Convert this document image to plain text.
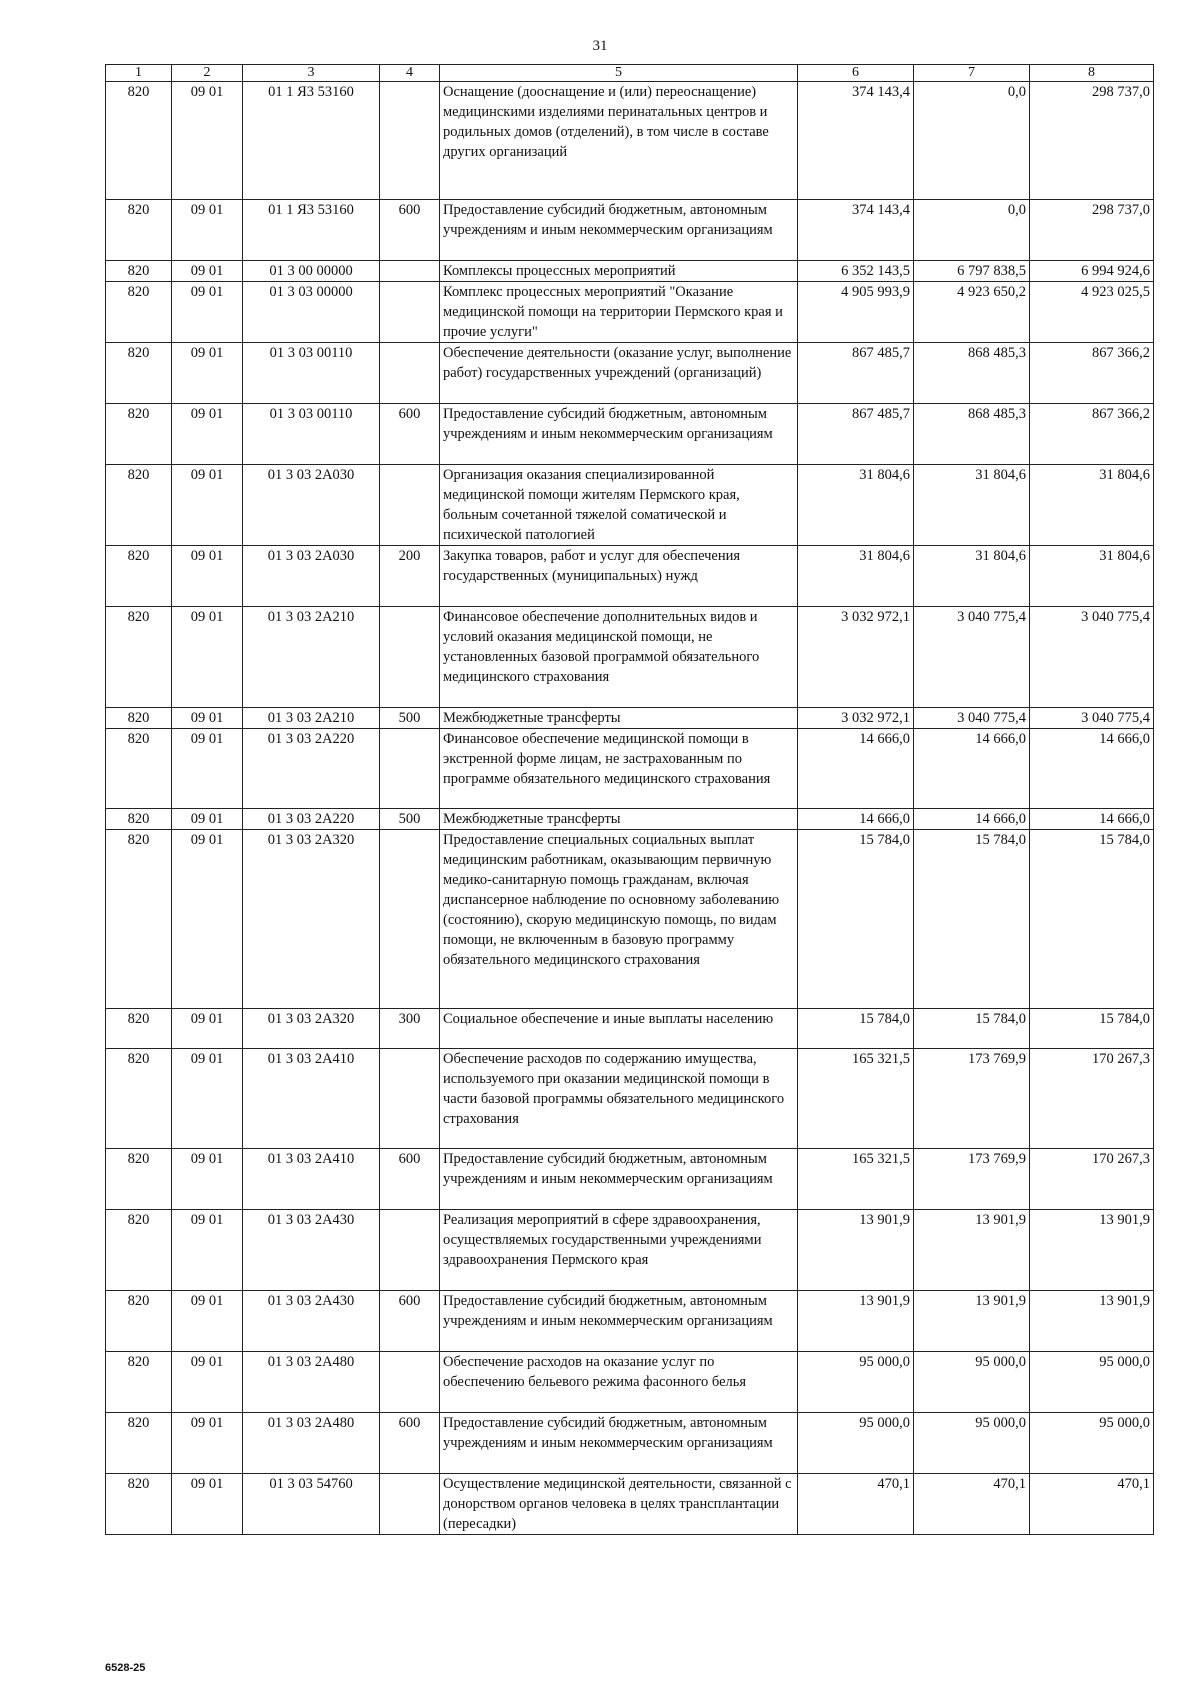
31
1	2	3	4	5	6	7	8
820	09 01	01 1 Я3 53160		Оснащение (дооснащение и (или) переоснащение) медицинскими изделиями перинатальных центров и родильных домов (отделений), в том числе в составе других организаций	374 143,4	0,0	298 737,0
820	09 01	01 1 Я3 53160	600	Предоставление субсидий бюджетным, автономным учреждениям и иным некоммерческим организациям	374 143,4	0,0	298 737,0
820	09 01	01 3 00 00000		Комплексы процессных мероприятий	6 352 143,5	6 797 838,5	6 994 924,6
820	09 01	01 3 03 00000		Комплекс процессных мероприятий "Оказание медицинской помощи на территории Пермского края и прочие услуги"	4 905 993,9	4 923 650,2	4 923 025,5
820	09 01	01 3 03 00110		Обеспечение деятельности (оказание услуг, выполнение работ) государственных учреждений (организаций)	867 485,7	868 485,3	867 366,2
820	09 01	01 3 03 00110	600	Предоставление субсидий бюджетным, автономным учреждениям и иным некоммерческим организациям	867 485,7	868 485,3	867 366,2
820	09 01	01 3 03 2А030		Организация оказания специализированной медицинской помощи жителям Пермского края, больным сочетанной тяжелой соматической и психической патологией	31 804,6	31 804,6	31 804,6
820	09 01	01 3 03 2А030	200	Закупка товаров, работ и услуг для обеспечения государственных (муниципальных) нужд	31 804,6	31 804,6	31 804,6
820	09 01	01 3 03 2А210		Финансовое обеспечение дополнительных видов и условий оказания медицинской помощи, не установленных базовой программой обязательного медицинского страхования	3 032 972,1	3 040 775,4	3 040 775,4
820	09 01	01 3 03 2А210	500	Межбюджетные трансферты	3 032 972,1	3 040 775,4	3 040 775,4
820	09 01	01 3 03 2А220		Финансовое обеспечение медицинской помощи в экстренной форме лицам, не застрахованным по программе обязательного медицинского страхования	14 666,0	14 666,0	14 666,0
820	09 01	01 3 03 2А220	500	Межбюджетные трансферты	14 666,0	14 666,0	14 666,0
820	09 01	01 3 03 2А320		Предоставление специальных социальных выплат медицинским работникам, оказывающим первичную медико-санитарную помощь гражданам, включая диспансерное наблюдение по основному заболеванию (состоянию), скорую медицинскую помощь, по видам помощи, не включенным в базовую программу обязательного медицинского страхования	15 784,0	15 784,0	15 784,0
820	09 01	01 3 03 2А320	300	Социальное обеспечение и иные выплаты населению	15 784,0	15 784,0	15 784,0
820	09 01	01 3 03 2А410		Обеспечение расходов по содержанию имущества, используемого при оказании медицинской помощи в части базовой программы обязательного медицинского страхования	165 321,5	173 769,9	170 267,3
820	09 01	01 3 03 2А410	600	Предоставление субсидий бюджетным, автономным учреждениям и иным некоммерческим организациям	165 321,5	173 769,9	170 267,3
820	09 01	01 3 03 2А430		Реализация мероприятий в сфере здравоохранения, осуществляемых государственными учреждениями здравоохранения Пермского края	13 901,9	13 901,9	13 901,9
820	09 01	01 3 03 2А430	600	Предоставление субсидий бюджетным, автономным учреждениям и иным некоммерческим организациям	13 901,9	13 901,9	13 901,9
820	09 01	01 3 03 2А480		Обеспечение расходов на оказание услуг по обеспечению бельевого режима фасонного белья	95 000,0	95 000,0	95 000,0
820	09 01	01 3 03 2А480	600	Предоставление субсидий бюджетным, автономным учреждениям и иным некоммерческим организациям	95 000,0	95 000,0	95 000,0
820	09 01	01 3 03 54760		Осуществление медицинской деятельности, связанной с донорством органов человека в целях трансплантации (пересадки)	470,1	470,1	470,1
6528-25
